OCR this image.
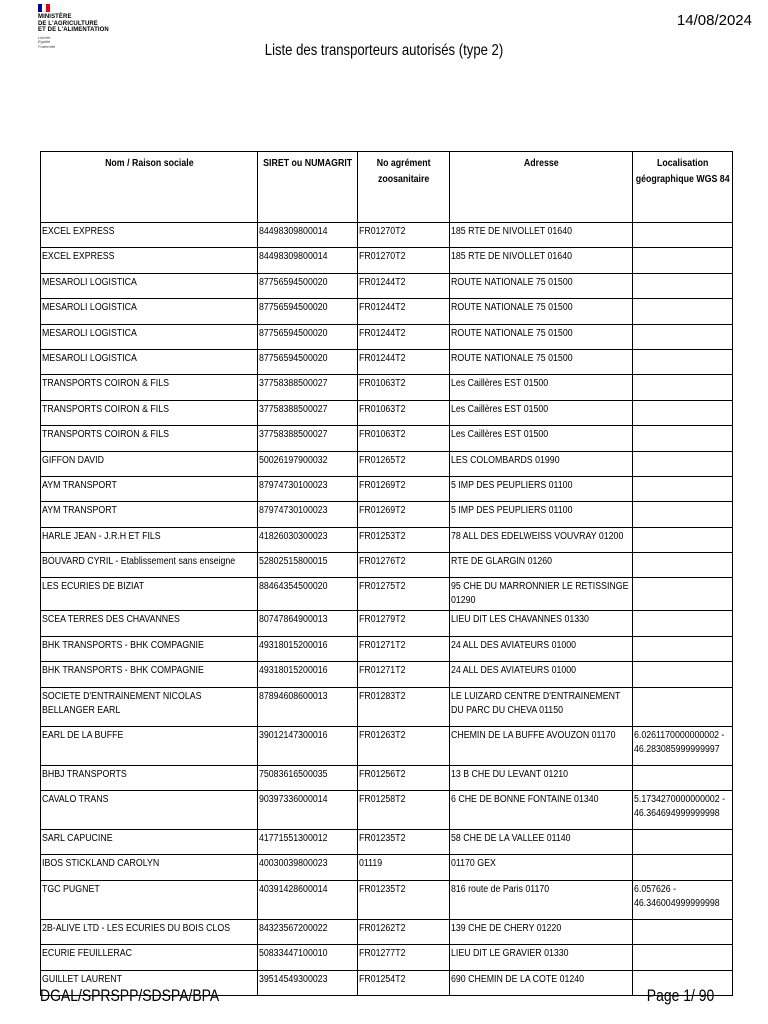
MINISTÈRE
DE L'AGRICULTURE
ET DE L'ALIMENTATION
Liberté
Égalité
Fraternité
14/08/2024
Liste des transporteurs autorisés (type 2)
Nom / Raison sociale	SIRET ou NUMAGRIT	No agrément zoosanitaire	Adresse	Localisation géographique WGS 84
EXCEL EXPRESS	84498309800014	FR01270T2	185 RTE DE NIVOLLET 01640	
EXCEL EXPRESS	84498309800014	FR01270T2	185 RTE DE NIVOLLET 01640	
MESAROLI LOGISTICA	87756594500020	FR01244T2	ROUTE NATIONALE 75 01500	
MESAROLI LOGISTICA	87756594500020	FR01244T2	ROUTE NATIONALE 75 01500	
MESAROLI LOGISTICA	87756594500020	FR01244T2	ROUTE NATIONALE 75 01500	
MESAROLI LOGISTICA	87756594500020	FR01244T2	ROUTE NATIONALE 75 01500	
TRANSPORTS COIRON & FILS	37758388500027	FR01063T2	Les Caillères EST 01500	
TRANSPORTS COIRON & FILS	37758388500027	FR01063T2	Les Caillères EST 01500	
TRANSPORTS COIRON & FILS	37758388500027	FR01063T2	Les Caillères EST 01500	
GIFFON DAVID	50026197900032	FR01265T2	LES COLOMBARDS 01990	
AYM TRANSPORT	87974730100023	FR01269T2	5 IMP DES PEUPLIERS 01100	
AYM TRANSPORT	87974730100023	FR01269T2	5 IMP DES PEUPLIERS 01100	
HARLE JEAN - J.R.H ET FILS	41826030300023	FR01253T2	78 ALL DES EDELWEISS VOUVRAY 01200	
BOUVARD CYRIL - Etablissement sans enseigne	52802515800015	FR01276T2	RTE DE GLARGIN 01260	
LES ECURIES DE BIZIAT	88464354500020	FR01275T2	95 CHE DU MARRONNIER LE RETISSINGE 01290	
SCEA TERRES DES CHAVANNES	80747864900013	FR01279T2	LIEU DIT LES CHAVANNES 01330	
BHK TRANSPORTS - BHK COMPAGNIE	49318015200016	FR01271T2	24 ALL DES AVIATEURS 01000	
BHK TRANSPORTS - BHK COMPAGNIE	49318015200016	FR01271T2	24 ALL DES AVIATEURS 01000	
SOCIETE D'ENTRAINEMENT NICOLAS BELLANGER EARL	87894608600013	FR01283T2	LE LUIZARD CENTRE D'ENTRAINEMENT DU PARC DU CHEVA 01150	
EARL DE LA BUFFE	39012147300016	FR01263T2	CHEMIN DE LA BUFFE AVOUZON 01170	6.0261170000000002 - 46.283085999999997
BHBJ TRANSPORTS	75083616500035	FR01256T2	13 B CHE DU LEVANT 01210	
CAVALO TRANS	90397336000014	FR01258T2	6 CHE DE BONNE FONTAINE 01340	5.1734270000000002 - 46.364694999999998
SARL CAPUCINE	41771551300012	FR01235T2	58 CHE DE LA VALLEE 01140	
IBOS STICKLAND CAROLYN	40030039800023	01119	01170 GEX	
TGC PUGNET	40391428600014	FR01235T2	816 route de Paris 01170	6.057626 - 46.346004999999998
2B-ALIVE LTD - LES ECURIES DU BOIS CLOS	84323567200022	FR01262T2	139 CHE DE CHERY 01220	
ECURIE FEUILLERAC	50833447100010	FR01277T2	LIEU DIT LE GRAVIER 01330	
GUILLET LAURENT	39514549300023	FR01254T2	690 CHEMIN DE LA COTE 01240	
DGAL/SPRSPP/SDSPA/BPA	Page 1/ 90
